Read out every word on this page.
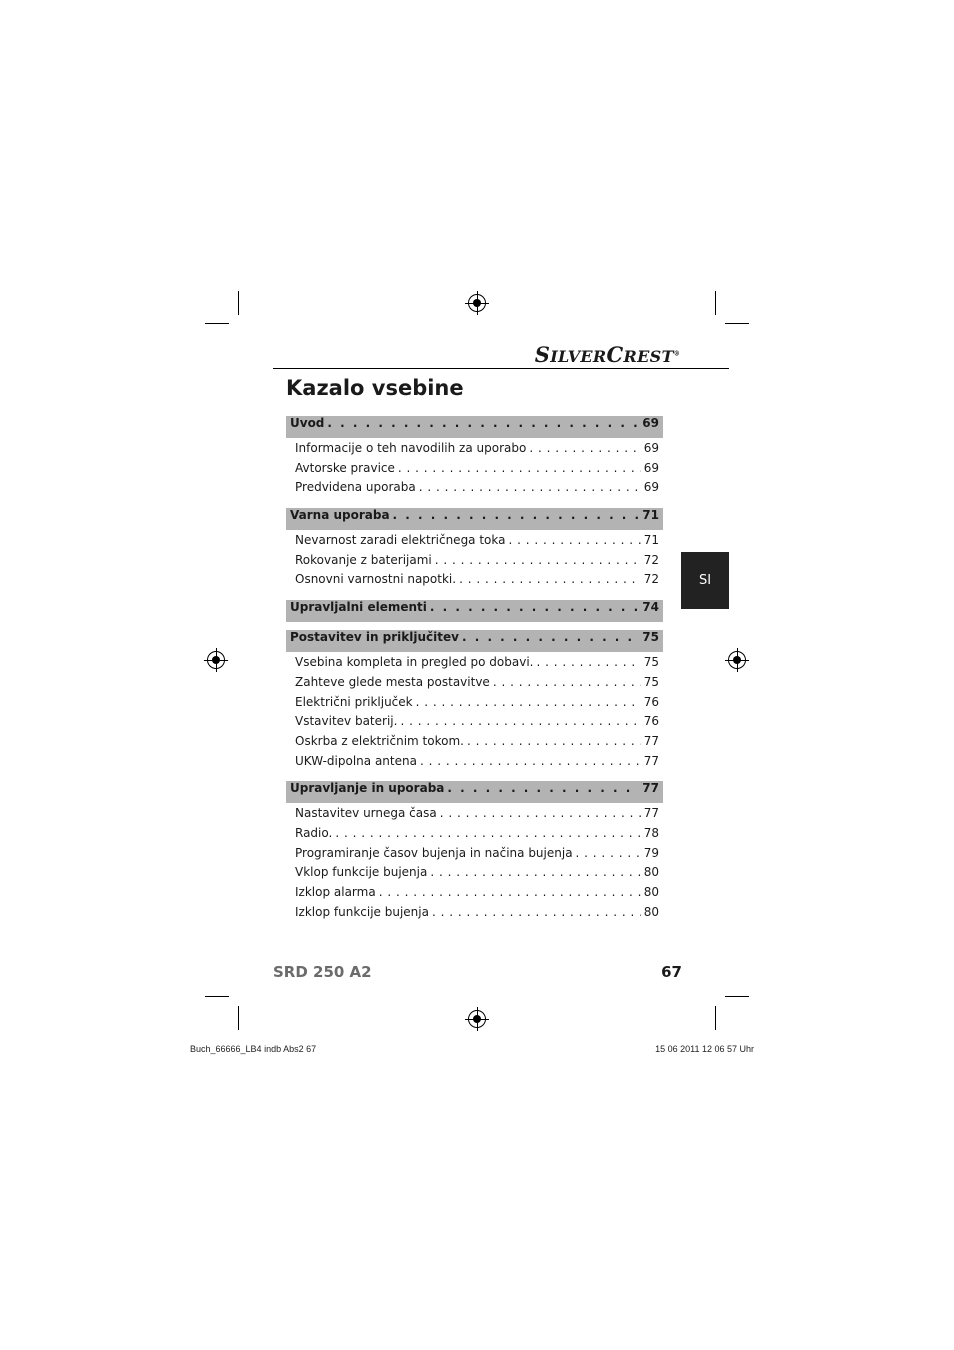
SILVERCREST®
Kazalo vsebine
Uvod . . .	69
Informacije o teh navodilih za uporabo . . .	69
Avtorske pravice . . .	69
Predvidena uporaba . . .	69
Varna uporaba . . .	71
Nevarnost zaradi električnega toka . . .	71
Rokovanje z baterijami . . .	72
Osnovni varnostni napotki. . . .	72
Upravljalni elementi . . .	74
Postavitev in priključitev . . .	75
Vsebina kompleta in pregled po dobavi. . . .	75
Zahteve glede mesta postavitve . . .	75
Električni priključek . . .	76
Vstavitev baterij. . . .	76
Oskrba z električnim tokom. . . .	77
UKW-dipolna antena . . .	77
Upravljanje in uporaba . . .	77
Nastavitev urnega časa . . .	77
Radio. . . .	78
Programiranje časov bujenja in načina bujenja . . .	79
Vklop funkcije bujenja . . .	80
Izklop alarma . . .	80
Izklop funkcije bujenja . . .	80
SI
SRD 250 A2	67
Buch_66666_LB4 indb Abs2 67	15 06 2011 12 06 57 Uhr
